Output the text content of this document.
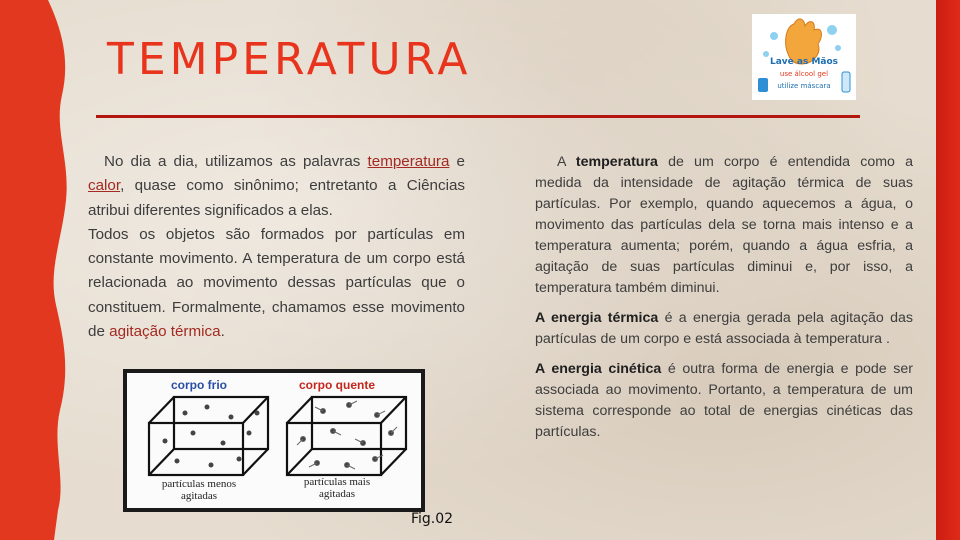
TEMPERATURA	Lave as Mãos
use álcool gel
utilize máscara

No dia a dia, utilizamos as palavras temperatura e calor, quase como sinônimo; entretanto a Ciências atribui diferentes significados a elas.

Todos os objetos são formados por partículas em constante movimento. A temperatura de um corpo está relacionada ao movimento dessas partículas que o constituem. Formalmente, chamamos esse movimento de agitação térmica.

A temperatura de um corpo é entendida como a medida da intensidade de agitação térmica de suas partículas. Por exemplo, quando aquecemos a água, o movimento das partículas dela se torna mais intenso e a temperatura aumenta; porém, quando a água esfria, a agitação de suas partículas diminui e, por isso, a temperatura também diminui.

A energia térmica é a energia gerada pela agitação das partículas de um corpo e está associada à temperatura .

A energia cinética é outra forma de energia e pode ser associada ao movimento. Portanto, a temperatura de um sistema corresponde ao total de energias cinéticas das partículas.

corpo frio	corpo quente
partículas menos
agitadas
partículas mais
agitadas
Fig.02
